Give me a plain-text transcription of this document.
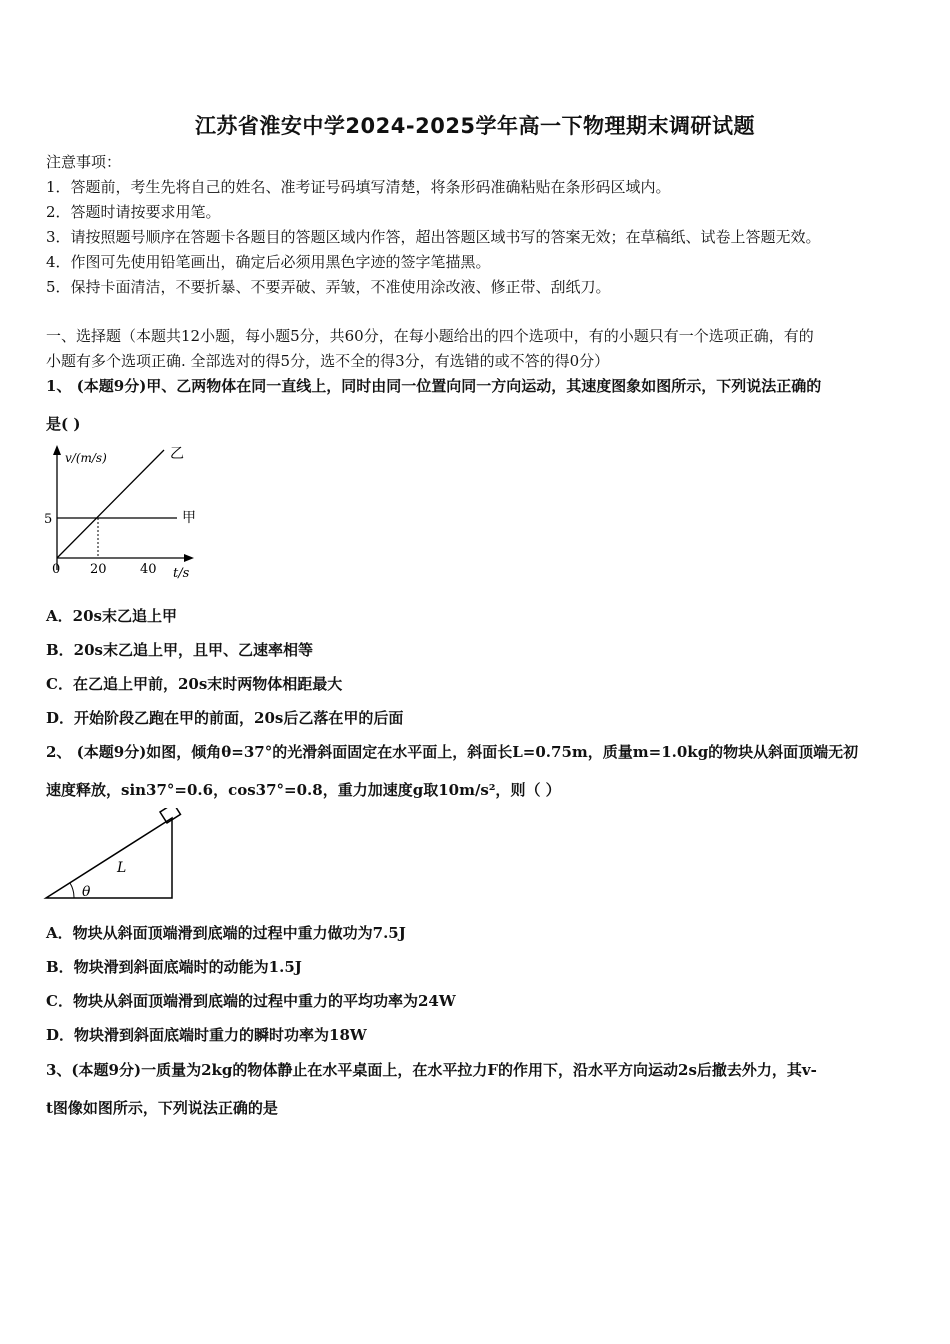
江苏省淮安中学2024-2025学年高一下物理期末调研试题
注意事项：
1．答题前，考生先将自己的姓名、准考证号码填写清楚，将条形码准确粘贴在条形码区域内。
2．答题时请按要求用笔。
3．请按照题号顺序在答题卡各题目的答题区域内作答，超出答题区域书写的答案无效；在草稿纸、试卷上答题无效。
4．作图可先使用铅笔画出，确定后必须用黑色字迹的签字笔描黑。
5．保持卡面清洁，不要折暴、不要弄破、弄皱，不准使用涂改液、修正带、刮纸刀。
一、选择题（本题共12小题，每小题5分，共60分，在每小题给出的四个选项中，有的小题只有一个选项正确，有的
小题有多个选项正确. 全部选对的得5分，选不全的得3分，有选错的或不答的得0分）
1、 (本题9分)甲、乙两物体在同一直线上，同时由同一位置向同一方向运动，其速度图象如图所示，下列说法正确的
是( )
v/(m/s)
t/s
0
5
20	40
甲
乙
A．20s末乙追上甲
B．20s末乙追上甲，且甲、乙速率相等
C．在乙追上甲前，20s末时两物体相距最大
D．开始阶段乙跑在甲的前面，20s后乙落在甲的后面
2、 (本题9分)如图，倾角θ=37°的光滑斜面固定在水平面上，斜面长L=0.75m，质量m=1.0kg的物块从斜面顶端无初
速度释放，sin37°=0.6，cos37°=0.8，重力加速度g取10m/s²，则（ ）
L
θ
A．物块从斜面顶端滑到底端的过程中重力做功为7.5J
B．物块滑到斜面底端时的动能为1.5J
C．物块从斜面顶端滑到底端的过程中重力的平均功率为24W
D．物块滑到斜面底端时重力的瞬时功率为18W
3、(本题9分)一质量为2kg的物体静止在水平桌面上，在水平拉力F的作用下，沿水平方向运动2s后撤去外力，其v-
t图像如图所示，下列说法正确的是
